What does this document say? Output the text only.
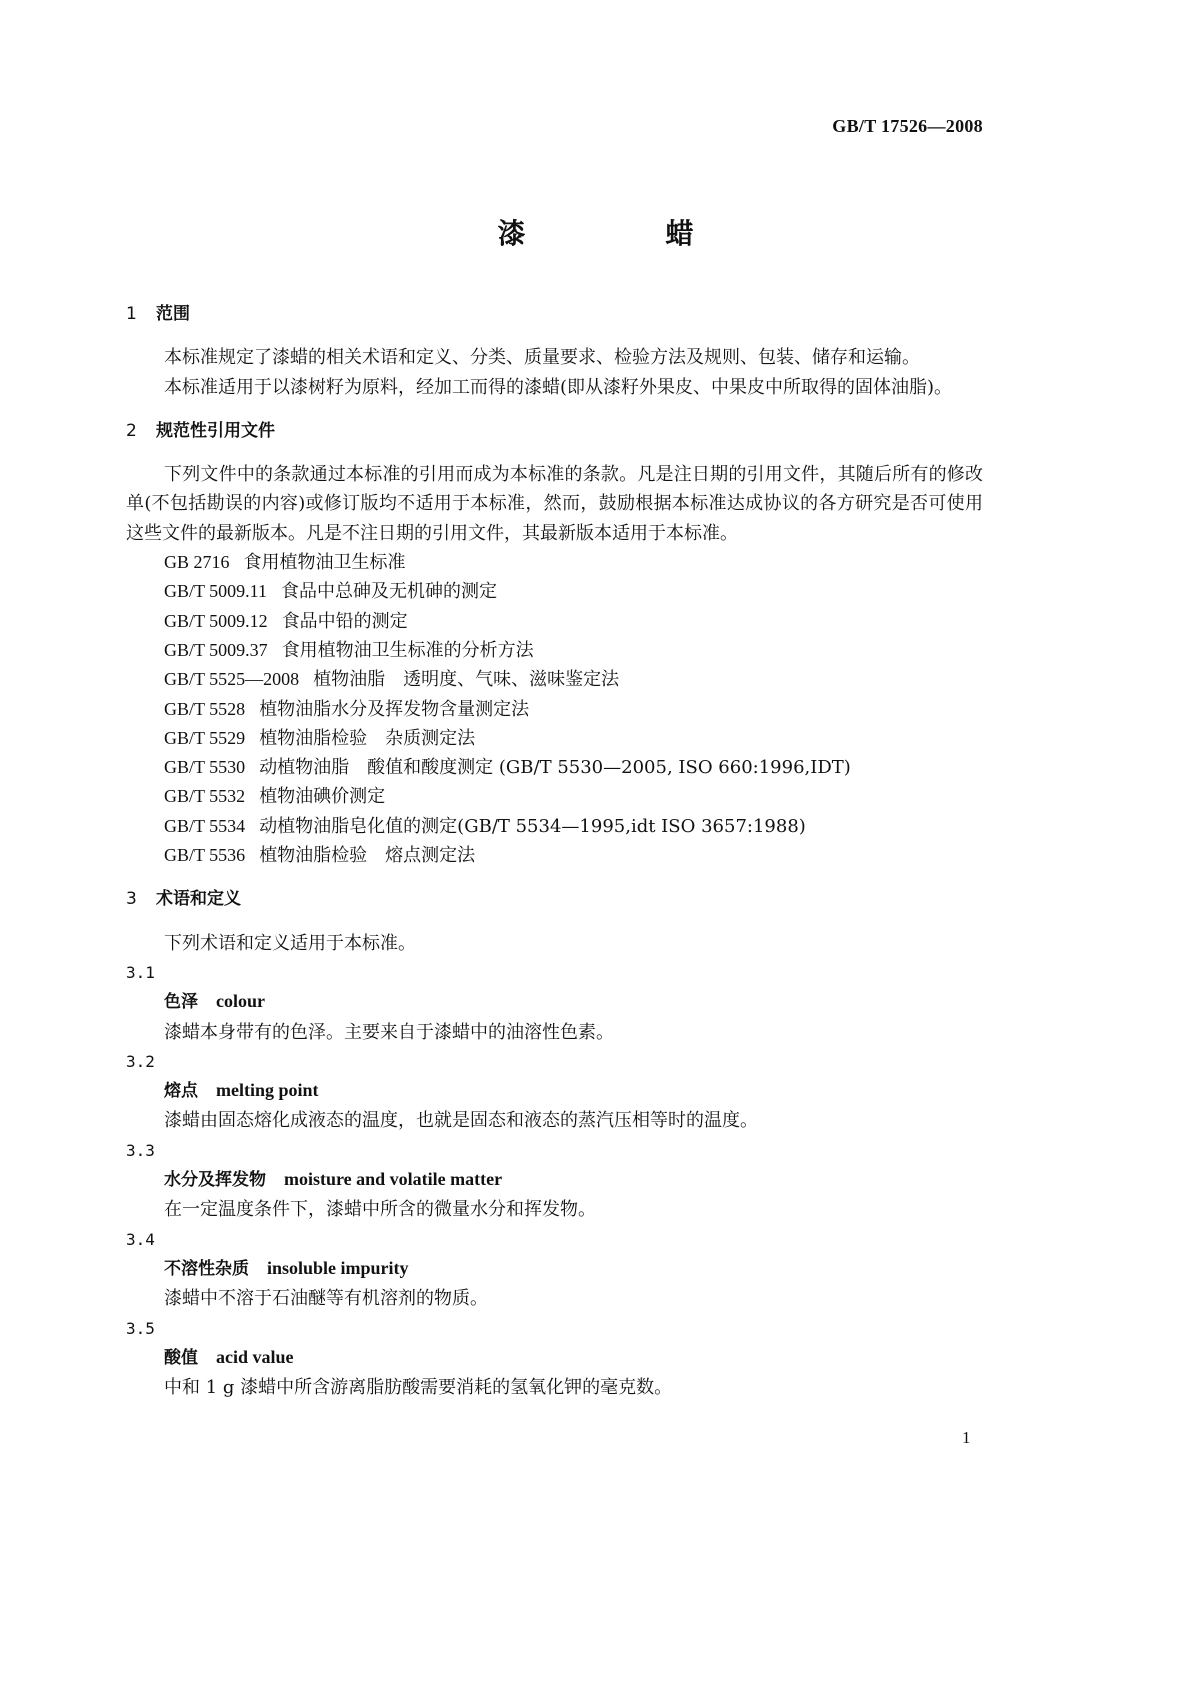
GB/T 17526—2008
漆	蜡
1 范围

本标准规定了漆蜡的相关术语和定义、分类、质量要求、检验方法及规则、包装、储存和运输。

本标准适用于以漆树籽为原料，经加工而得的漆蜡(即从漆籽外果皮、中果皮中所取得的固体油脂)。

2 规范性引用文件

下列文件中的条款通过本标准的引用而成为本标准的条款。凡是注日期的引用文件，其随后所有的修改单(不包括勘误的内容)或修订版均不适用于本标准，然而，鼓励根据本标准达成协议的各方研究是否可使用这些文件的最新版本。凡是不注日期的引用文件，其最新版本适用于本标准。

GB 2716 食用植物油卫生标准
GB/T 5009.11 食品中总砷及无机砷的测定
GB/T 5009.12 食品中铅的测定
GB/T 5009.37 食用植物油卫生标准的分析方法
GB/T 5525—2008 植物油脂　透明度、气味、滋味鉴定法
GB/T 5528 植物油脂水分及挥发物含量测定法
GB/T 5529 植物油脂检验　杂质测定法
GB/T 5530 动植物油脂　酸值和酸度测定 (GB/T 5530—2005, ISO 660:1996,IDT)
GB/T 5532 植物油碘价测定
GB/T 5534 动植物油脂皂化值的测定(GB/T 5534—1995,idt ISO 3657:1988)
GB/T 5536 植物油脂检验　熔点测定法
3 术语和定义

下列术语和定义适用于本标准。

3.1
色泽 colour
漆蜡本身带有的色泽。主要来自于漆蜡中的油溶性色素。
3.2
熔点 melting point
漆蜡由固态熔化成液态的温度，也就是固态和液态的蒸汽压相等时的温度。
3.3
水分及挥发物 moisture and volatile matter
在一定温度条件下，漆蜡中所含的微量水分和挥发物。
3.4
不溶性杂质 insoluble impurity
漆蜡中不溶于石油醚等有机溶剂的物质。
3.5
酸值 acid value
中和 1 g 漆蜡中所含游离脂肪酸需要消耗的氢氧化钾的毫克数。
1
